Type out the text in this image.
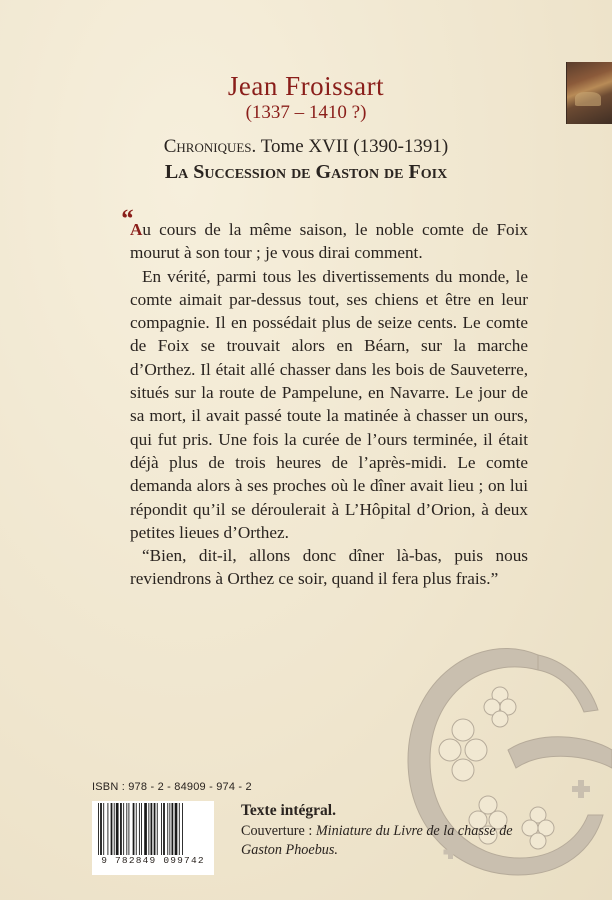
Jean Froissart
(1337 – 1410 ?)
Chroniques. Tome XVII (1390-1391)
La Succession de Gaston de Foix
“

Au cours de la même saison, le noble comte de Foix mourut à son tour ; je vous dirai comment.

En vérité, parmi tous les divertissements du monde, le comte aimait par-dessus tout, ses chiens et être en leur compagnie. Il en possédait plus de seize cents. Le comte de Foix se trouvait alors en Béarn, sur la marche d’Orthez. Il était allé chasser dans les bois de Sauveterre, situés sur la route de Pampelune, en Navarre. Le jour de sa mort, il avait passé toute la matinée à chasser un ours, qui fut pris. Une fois la curée de l’ours terminée, il était déjà plus de trois heures de l’après-midi. Le comte demanda alors à ses proches où le dîner avait lieu ; on lui répondit qu’il se déroulerait à L’Hôpital d’Orion, à deux petites lieues d’Orthez.

“Bien, dit-il, allons donc dîner là-bas, puis nous reviendrons à Orthez ce soir, quand il fera plus frais.”

ISBN : 978 - 2 - 84909 - 974 - 2
9 782849 099742
Texte intégral.
Couverture : Miniature du Livre de la chasse de Gaston Phoebus.
